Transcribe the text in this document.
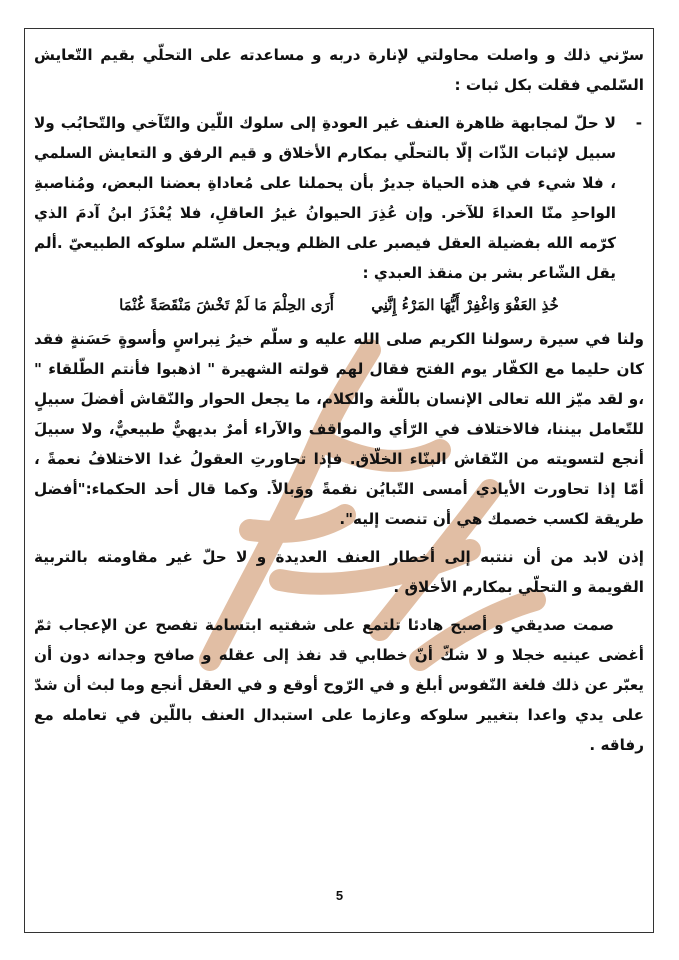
سرّني ذلك و واصلت محاولتي لإنارة دربه و مساعدته على التحلّي بقيم التّعايش السّلمي فقلت بكل ثبات :

-
لا حلّ لمجابهة ظاهرة العنف غير العودةِ إلى سلوك اللّين والتّآخي والتّحابُب ولا سبيل لإثبات الذّات إلّا بالتحلّي بمكارم الأخلاق و قيم الرفق و التعايش السلمي ، فلا شيء في هذه الحياة جديرٌ بأن يحملنا على مُعاداةِ بعضنا البعض، ومُناصبةِ الواحدِ منّا العداءَ للآخر. وإن عُذِرَ الحيوانُ غيرُ العاقلِ، فلا يُعْذَرُ ابنُ آدمَ الذي كرّمه الله بفضيلة العقل فيصبر على الظلم ويجعل السّلم سلوكه الطبيعيّ .ألم يقل الشّاعر بشر بن منقذ العبدي :

خُذِ العَفْوَ وَاغْفِرْ أَيُّهَا المَرْءُ إِنَّنِي أَرَى الحِلْمَ مَا لَمْ تَخْشَ مَنْقَصَةً غُنْمَا

ولنا في سيرة رسولنا الكريم صلى الله عليه و سلّم خيرُ نِبراسٍ وأسوةٍ حَسَنةٍ فقد كان حليما مع الكفّار يوم الفتح فقال لهم قولته الشهيرة " اذهبوا فأنتم الطّلقاء " ،و لقد ميّز الله تعالى الإنسان باللّغة والكلام، ما يجعل الحوار والنّقاش أفضلَ سبيلٍ للتّعامل بيننا، فالاختلاف في الرّأي والمواقف والآراء أمرٌ بديهيٌّ طبيعيٌّ، ولا سبيلَ أنجع لتسويته من النّقاش البنّاء الخلّاق. فإذا تحاورتِ العقولُ غدا الاختلافُ نعمةً ، أمّا إذا تحاورت الأيادي أمسى التّبايُن نقمةً ووَبالاً. وكما قال أحد الحكماء:"أفضل طريقة لكسب خصمك هي أن تنصت إليه".

إذن لابد من أن ننتبه إلى أخطار العنف العديدة و لا حلّ غير مقاومته بالتربية القويمة و التحلّي بمكارم الأخلاق .

صمت صديقي و أصبح هادئا تلتمع على شفتيه ابتسامة تفصح عن الإعجاب ثمّ أغضى عينيه خجلا و لا شكّ أنّ خطابي قد نفذ إلى عقله و صافح وجدانه دون أن يعبّر عن ذلك فلغة النّفوس أبلغ و في الرّوح أوقع و في العقل أنجع وما لبث أن شدّ على يدي واعدا بتغيير سلوكه وعازما على استبدال العنف باللّين في تعامله مع رفاقه .

5
